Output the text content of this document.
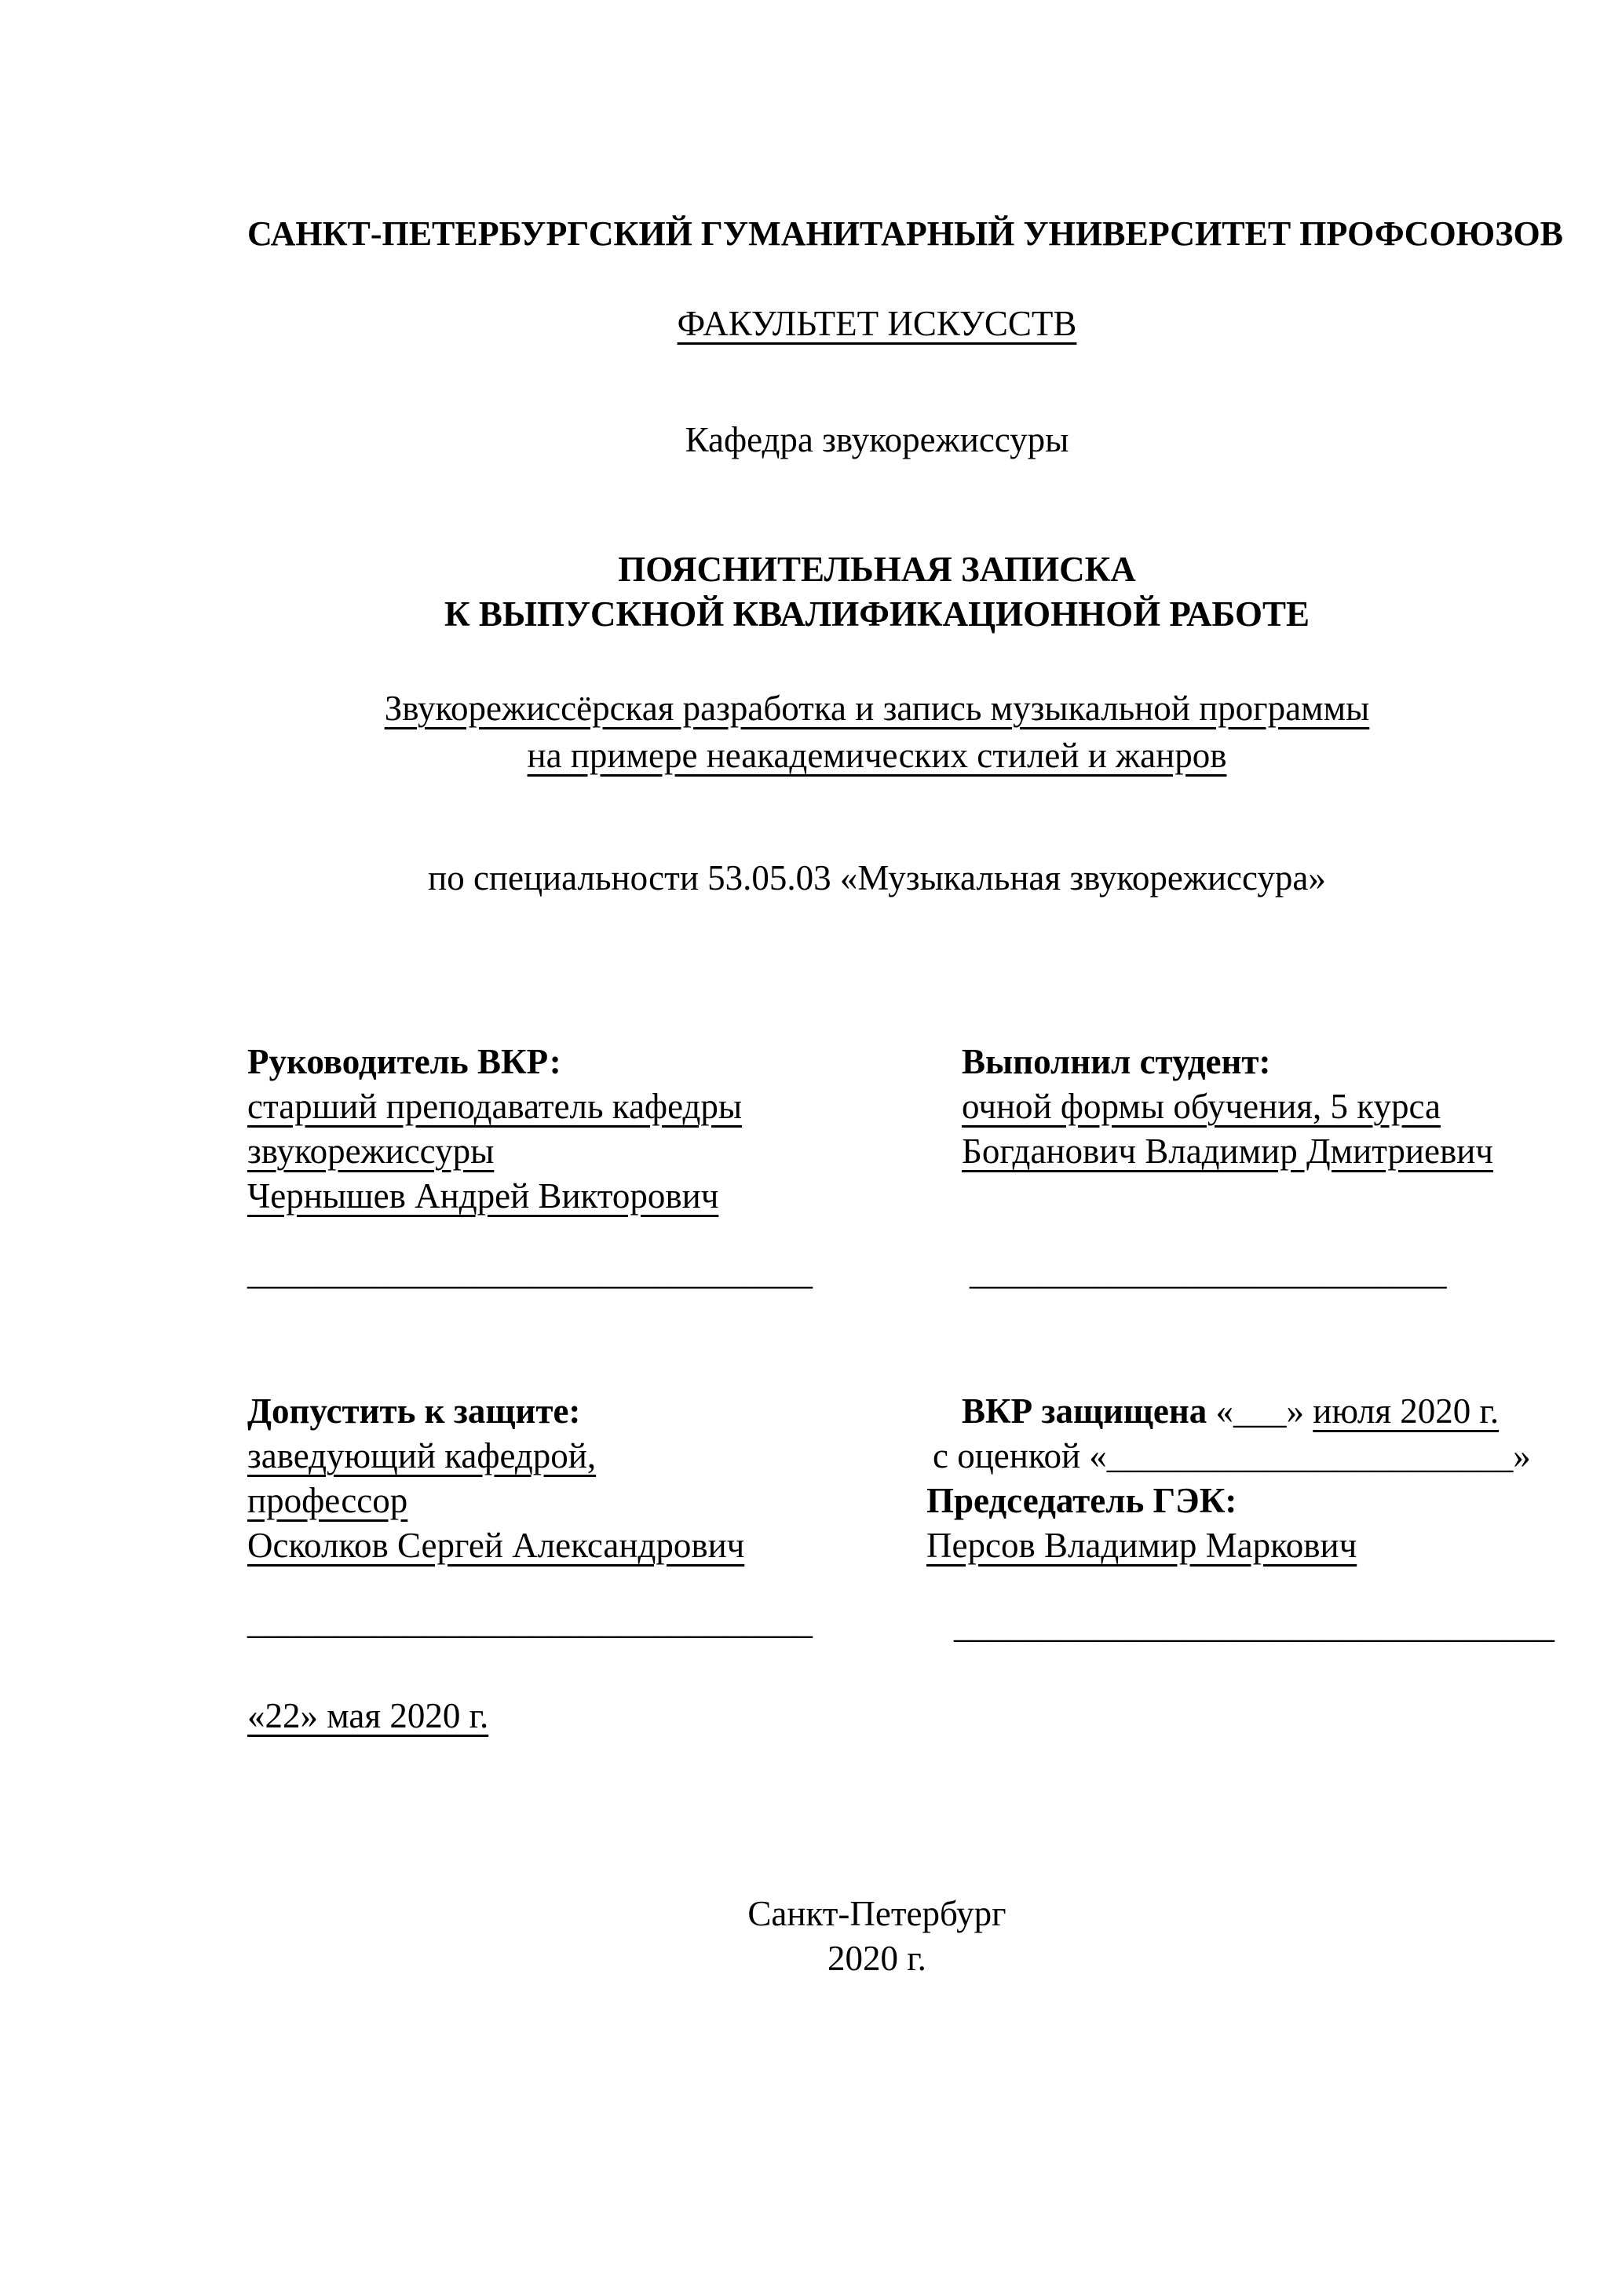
САНКТ-ПЕТЕРБУРГСКИЙ ГУМАНИТАРНЫЙ УНИВЕРСИТЕТ ПРОФСОЮЗОВ
ФАКУЛЬТЕТ ИСКУССТВ
Кафедра звукорежиссуры
ПОЯСНИТЕЛЬНАЯ ЗАПИСКА
К ВЫПУСКНОЙ КВАЛИФИКАЦИОННОЙ РАБОТЕ
Звукорежиссёрская разработка и запись музыкальной программы
на примере неакадемических стилей и жанров
по специальности 53.05.03 «Музыкальная звукорежиссура»
Руководитель ВКР:
старший преподаватель кафедры
звукорежиссуры
Чернышев Андрей Викторович
Выполнил студент:
очной формы обучения, 5 курса
Богданович Владимир Дмитриевич
________________________________	___________________________
Допустить к защите:
заведующий кафедрой,
профессор
Осколков Сергей Александрович
ВКР защищена «___» июля 2020 г.
с оценкой «_______________________»
Председатель ГЭК:
Персов Владимир Маркович
________________________________	__________________________________
«22» мая 2020 г.
Санкт-Петербург
2020 г.
